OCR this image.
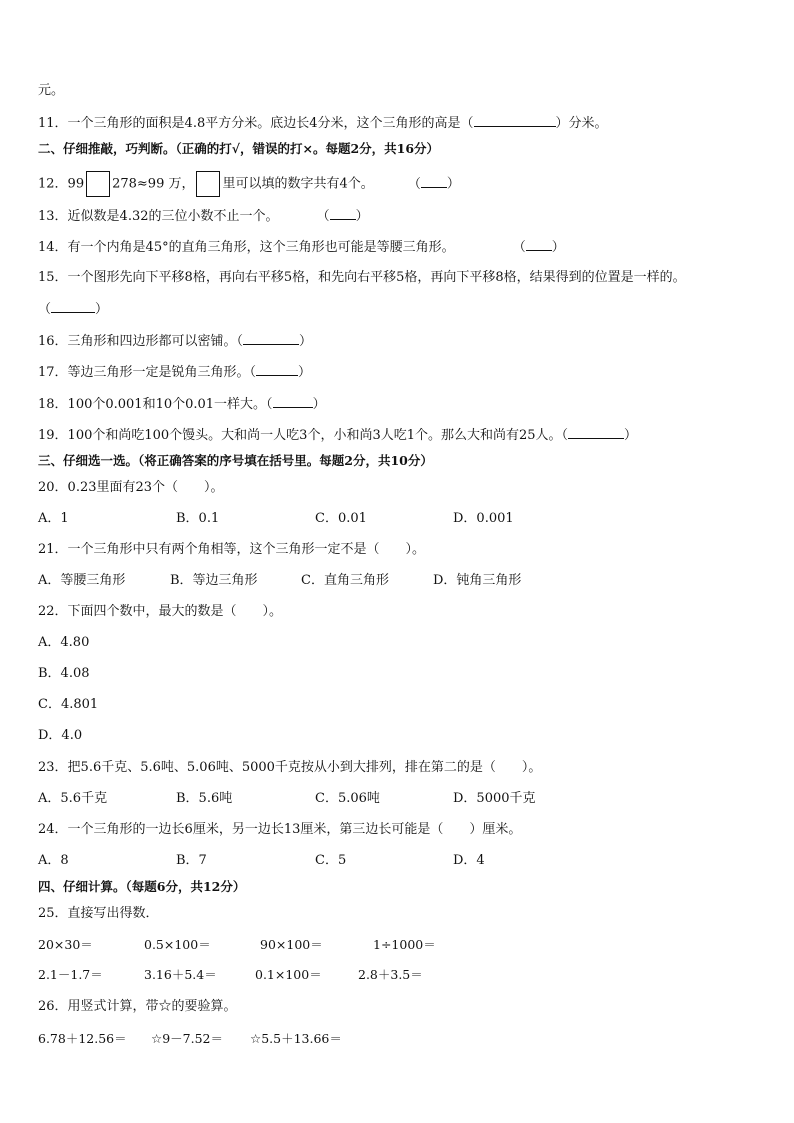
元。
11．一个三角形的面积是4.8平方分米。底边长4分米，这个三角形的高是（	）分米。
二、仔细推敲，巧判断。（正确的打√，错误的打×。每题2分，共16分）
12．99 278≈99 万， 里可以填的数字共有4个。	（ ）
13．近似数是4.32的三位小数不止一个。	（ ）
14．有一个内角是45°的直角三角形，这个三角形也可能是等腰三角形。	（ ）
15．一个图形先向下平移8格，再向右平移5格，和先向右平移5格，再向下平移8格，结果得到的位置是一样的。
（	）
16．三角形和四边形都可以密铺。（	）
17．等边三角形一定是锐角三角形。（	）
18．100个0.001和10个0.01一样大。（	）
19．100个和尚吃100个馒头。大和尚一人吃3个，小和尚3人吃1个。那么大和尚有25人。（	）
三、仔细选一选。（将正确答案的序号填在括号里。每题2分，共10分）
20．0.23里面有23个（　　）。
A．1	B．0.1	C．0.01	D．0.001
21．一个三角形中只有两个角相等，这个三角形一定不是（　　）。
A．等腰三角形	B．等边三角形	C．直角三角形	D．钝角三角形
22．下面四个数中，最大的数是（　　）。
A．4.80
B．4.08
C．4.801
D．4.0
23．把5.6千克、5.6吨、5.06吨、5000千克按从小到大排列，排在第二的是（　　）。
A．5.6千克	B．5.6吨	C．5.06吨	D．5000千克
24．一个三角形的一边长6厘米，另一边长13厘米，第三边长可能是（　　）厘米。
A．8	B．7	C．5	D．4
四、仔细计算。（每题6分，共12分）
25．直接写出得数．
20×30＝	0.5×100＝	90×100＝	1÷1000＝
2.1－1.7＝	3.16＋5.4＝	0.1×100＝	2.8＋3.5＝
26．用竖式计算，带☆的要验算。
6.78＋12.56＝ ☆9－7.52＝ ☆5.5＋13.66＝
